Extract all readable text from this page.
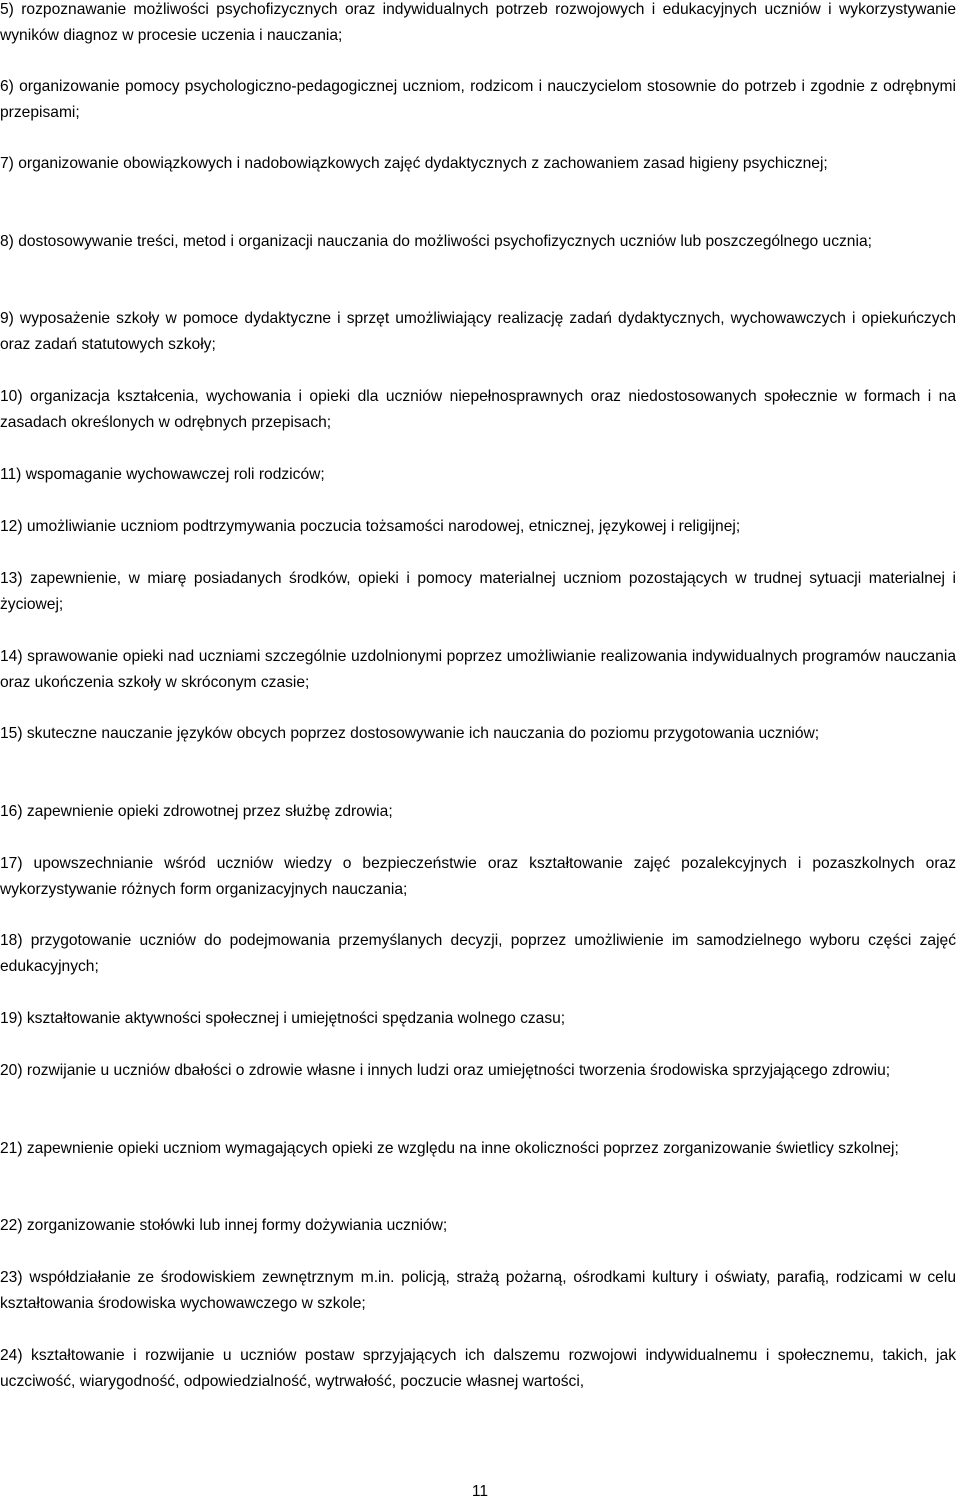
5) rozpoznawanie możliwości psychofizycznych oraz indywidualnych potrzeb rozwojowych i edukacyjnych uczniów i wykorzystywanie wyników diagnoz w procesie uczenia i nauczania;

6) organizowanie pomocy psychologiczno-pedagogicznej uczniom, rodzicom i nauczycielom stosownie do potrzeb i zgodnie z odrębnymi przepisami;

7) organizowanie obowiązkowych i nadobowiązkowych zajęć dydaktycznych z zachowaniem zasad higieny psychicznej;

8) dostosowywanie treści, metod i organizacji nauczania do możliwości psychofizycznych uczniów lub poszczególnego ucznia;

9) wyposażenie szkoły w pomoce dydaktyczne i sprzęt umożliwiający realizację zadań dydaktycznych, wychowawczych i opiekuńczych oraz zadań statutowych szkoły;

10) organizacja kształcenia, wychowania i opieki dla uczniów niepełnosprawnych oraz niedostosowanych społecznie w formach i na zasadach określonych w odrębnych przepisach;

11) wspomaganie wychowawczej roli rodziców;

12) umożliwianie uczniom podtrzymywania poczucia tożsamości narodowej, etnicznej, językowej i religijnej;

13) zapewnienie, w miarę posiadanych środków, opieki i pomocy materialnej uczniom pozostających w trudnej sytuacji materialnej i życiowej;

14) sprawowanie opieki nad uczniami szczególnie uzdolnionymi poprzez umożliwianie realizowania indywidualnych programów nauczania oraz ukończenia szkoły w skróconym czasie;

15) skuteczne nauczanie języków obcych poprzez dostosowywanie ich nauczania do poziomu przygotowania uczniów;

16) zapewnienie opieki zdrowotnej przez służbę zdrowia;

17) upowszechnianie wśród uczniów wiedzy o bezpieczeństwie oraz kształtowanie zajęć pozalekcyjnych i pozaszkolnych oraz wykorzystywanie różnych form organizacyjnych nauczania;

18) przygotowanie uczniów do podejmowania przemyślanych decyzji, poprzez umożliwienie im samodzielnego wyboru części zajęć edukacyjnych;

19) kształtowanie aktywności społecznej i umiejętności spędzania wolnego czasu;

20) rozwijanie u uczniów dbałości o zdrowie własne i innych ludzi oraz umiejętności tworzenia środowiska sprzyjającego zdrowiu;

21) zapewnienie opieki uczniom wymagających opieki ze względu na inne okoliczności poprzez zorganizowanie świetlicy szkolnej;

22) zorganizowanie stołówki lub innej formy dożywiania uczniów;

23) współdziałanie ze środowiskiem zewnętrznym m.in. policją, strażą pożarną, ośrodkami kultury i oświaty, parafią, rodzicami w celu kształtowania środowiska wychowawczego w szkole;

24) kształtowanie i rozwijanie u uczniów postaw sprzyjających ich dalszemu rozwojowi indywidualnemu i społecznemu, takich, jak uczciwość, wiarygodność, odpowiedzialność, wytrwałość, poczucie własnej wartości,

11
